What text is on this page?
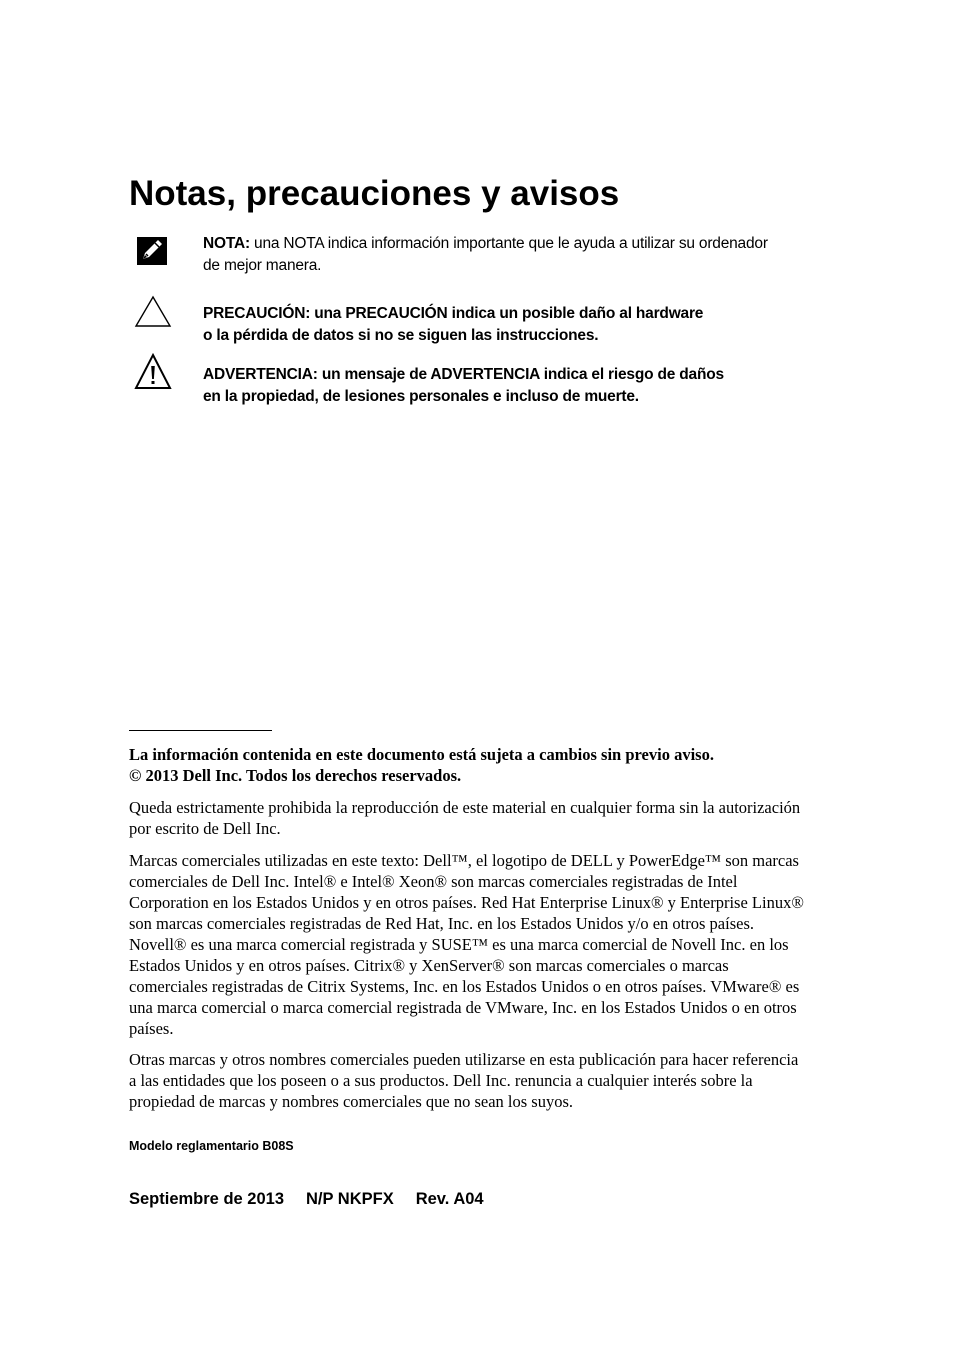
Notas, precauciones y avisos
NOTA: una NOTA indica información importante que le ayuda a utilizar su ordenador
de mejor manera.
PRECAUCIÓN: una PRECAUCIÓN indica un posible daño al hardware
o la pérdida de datos si no se siguen las instrucciones.
ADVERTENCIA: un mensaje de ADVERTENCIA indica el riesgo de daños
en la propiedad, de lesiones personales e incluso de muerte.

La información contenida en este documento está sujeta a cambios sin previo aviso.
© 2013 Dell Inc. Todos los derechos reservados.

Queda estrictamente prohibida la reproducción de este material en cualquier forma sin la autorización por escrito de Dell Inc.

Marcas comerciales utilizadas en este texto: Dell™, el logotipo de DELL y PowerEdge™ son marcas comerciales de Dell Inc. Intel® e Intel® Xeon® son marcas comerciales registradas de Intel Corporation en los Estados Unidos y en otros países. Red Hat Enterprise Linux® y Enterprise Linux® son marcas comerciales registradas de Red Hat, Inc. en los Estados Unidos y/o en otros países. Novell® es una marca comercial registrada y SUSE™ es una marca comercial de Novell Inc. en los Estados Unidos y en otros países. Citrix® y XenServer® son marcas comerciales o marcas comerciales registradas de Citrix Systems, Inc. en los Estados Unidos o en otros países. VMware® es una marca comercial o marca comercial registrada de VMware, Inc. en los Estados Unidos o en otros países.

Otras marcas y otros nombres comerciales pueden utilizarse en esta publicación para hacer referencia a las entidades que los poseen o a sus productos. Dell Inc. renuncia a cualquier interés sobre la propiedad de marcas y nombres comerciales que no sean los suyos.

Modelo reglamentario B08S
Septiembre de 2013 N/P NKPFX Rev. A04
